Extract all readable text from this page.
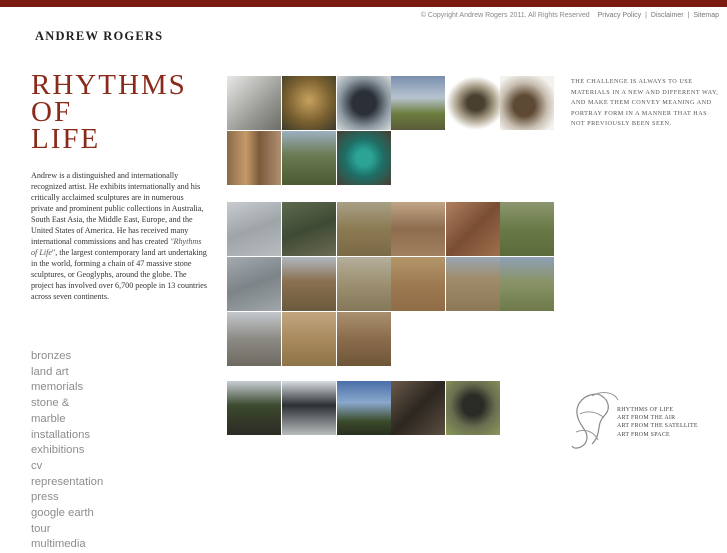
© Copyright Andrew Rogers 2011. All Rights Reserved Privacy Policy | Disclaimer | Sitemap
ANDREW ROGERS
RHYTHMS
OF
LIFE
Andrew is a distinguished and internationally recognized artist. He exhibits internationally and his critically acclaimed sculptures are in numerous private and prominent public collections in Australia, South East Asia, the Middle East, Europe, and the United States of America. He has received many international commissions and has created "Rhythms of Life", the largest contemporary land art undertaking in the world, forming a chain of 47 massive stone sculptures, or Geoglyphs, around the globe. The project has involved over 6,700 people in 13 countries across seven continents.
bronzes
land art
memorials
stone &
marble
installations
exhibitions
cv
representation
press
google earth
tour
multimedia
THE CHALLENGE IS ALWAYS TO USE MATERIALS IN A NEW AND DIFFERENT WAY, AND MAKE THEM CONVEY MEANING AND PORTRAY FORM IN A MANNER THAT HAS NOT PREVIOUSLY BEEN SEEN.
RHYTHMS OF LIFE
ART FROM THE AIR
ART FROM THE SATELLITE
ART FROM SPACE
